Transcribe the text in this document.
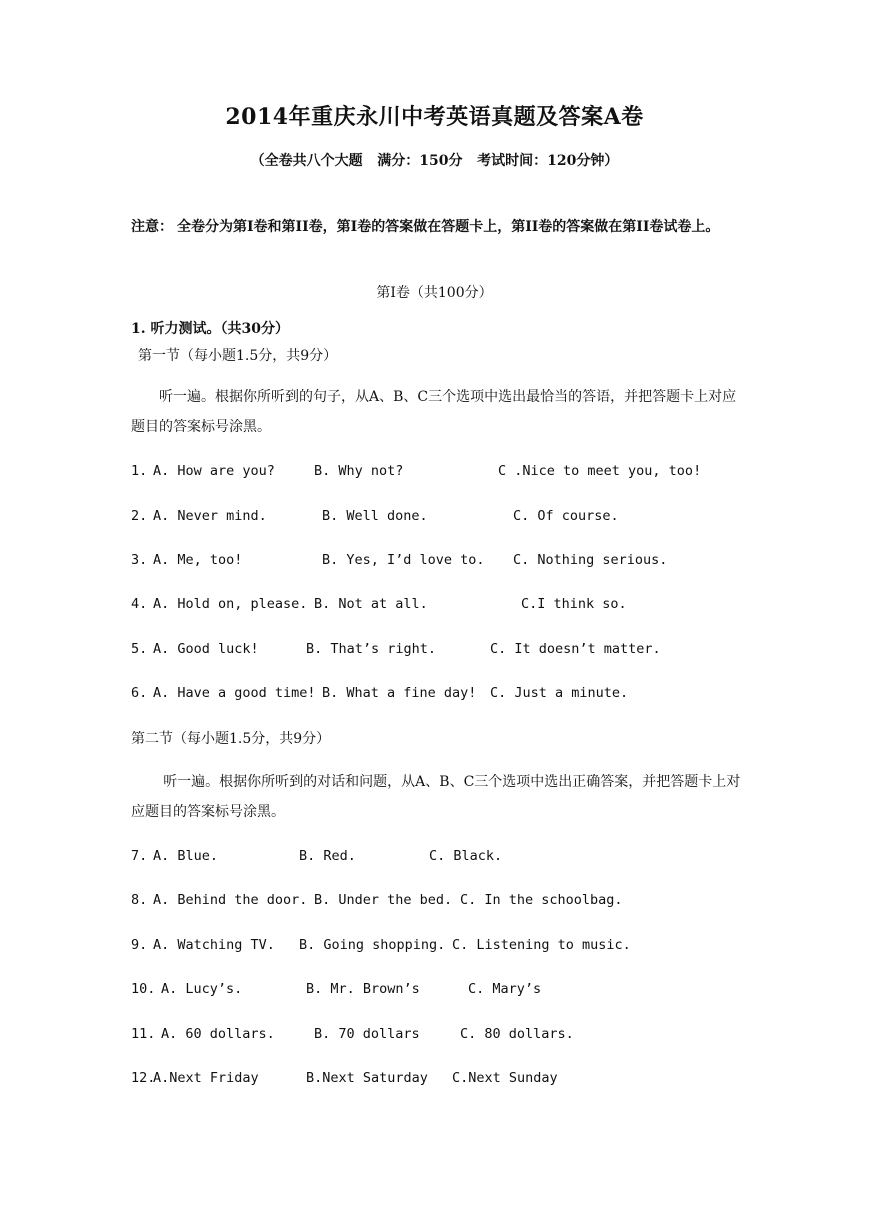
2014年重庆永川中考英语真题及答案A卷
（全卷共八个大题   满分：150分   考试时间：120分钟）
注意： 全卷分为第Ⅰ卷和第II卷，第Ⅰ卷的答案做在答题卡上，第II卷的答案做在第II卷试卷上。
第Ⅰ卷（共100分）
1. 听力测试。（共30分）
第一节（每小题1.5分，共9分）
听一遍。根据你所听到的句子，从A、B、C三个选项中选出最恰当的答语，并把答题卡上对应题目的答案标号涂黑。

1.

A. How are you?

	B. Why not?

	C .Nice to meet you, too!

2.

A. Never mind.

	B. Well done.

	C. Of course.

3.

A. Me, too!

	B. Yes, I’d love to.

C. Nothing serious.

4.

A. Hold on, please.

B. Not at all.

	C.I think so.

5.

A. Good luck!

	B. That’s right.

	C. It doesn’t matter.

6.

A. Have a good time!

B. What a fine day!

C. Just a minute.

第二节（每小题1.5分，共9分）
听一遍。根据你所听到的对话和问题，从A、B、C三个选项中选出正确答案，并把答题卡上对应题目的答案标号涂黑。

7.

A. Blue.

	B. Red.

	C. Black.

8.

A. Behind the door.

B. Under the bed.

C. In the schoolbag.

9.

A. Watching TV.

B. Going shopping.

C. Listening to music.

10.

A. Lucy’s.

	B. Mr. Brown’s

	C. Mary’s

11.

A. 60 dollars.

	B. 70 dollars

	C. 80 dollars.

12.

A.Next Friday

	B.Next Saturday

C.Next Sunday
